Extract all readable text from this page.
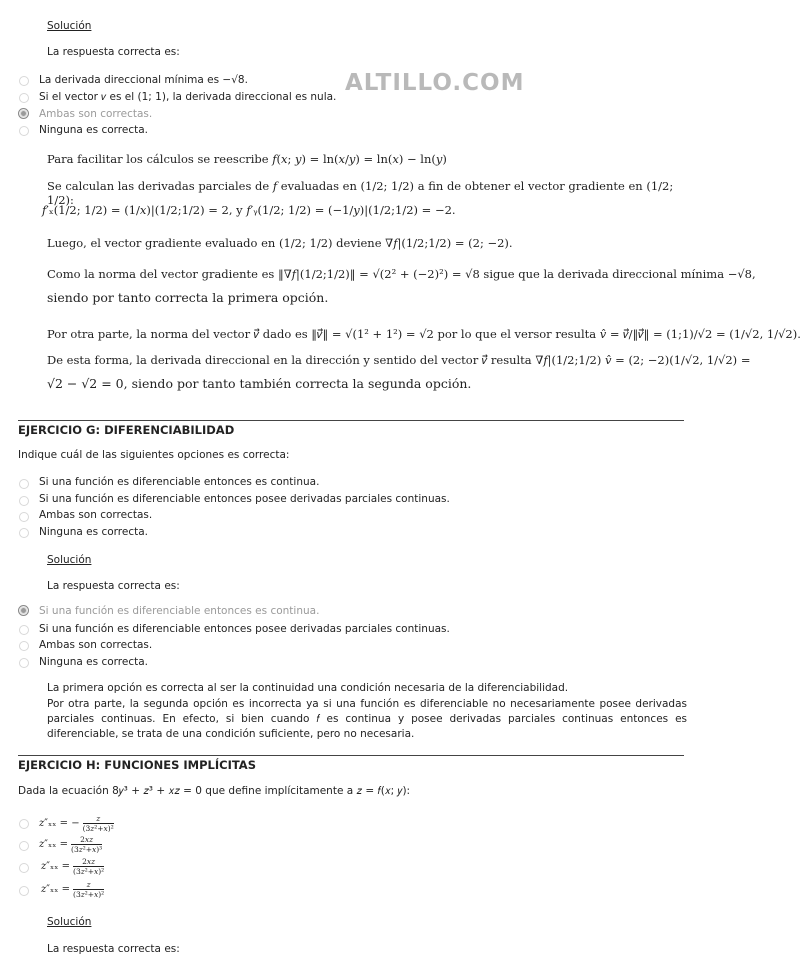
ALTILLO.COM
Solución
La respuesta correcta es:
La derivada direccional mínima es −√8.
Si el vector 𝑣 es el (1; 1), la derivada direccional es nula.
Ambas son correctas.
Ninguna es correcta.
Para facilitar los cálculos se reescribe 𝑓(𝑥; 𝑦) = ln(𝑥/𝑦) = ln(𝑥) − ln(𝑦)
Se calculan las derivadas parciales de 𝑓 evaluadas en (1/2; 1/2) a fin de obtener el vector gradiente en (1/2; 1/2):
𝑓′ₓ(1/2; 1/2) = (1/𝑥)|(1/2;1/2) = 2, y 𝑓′ᵧ(1/2; 1/2) = (−1/𝑦)|(1/2;1/2) = −2.
Luego, el vector gradiente evaluado en (1/2; 1/2) deviene ∇𝑓|(1/2;1/2) = (2; −2).
Como la norma del vector gradiente es ‖∇𝑓|(1/2;1/2)‖ = √(2² + (−2)²) = √8 sigue que la derivada direccional mínima −√8,
siendo por tanto correcta la primera opción.
Por otra parte, la norma del vector 𝑣⃗ dado es ‖𝑣⃗‖ = √(1² + 1²) = √2 por lo que el versor resulta 𝑣̂ = 𝑣⃗/‖𝑣⃗‖ = (1;1)/√2 = (1/√2, 1/√2).
De esta forma, la derivada direccional en la dirección y sentido del vector 𝑣⃗ resulta ∇𝑓|(1/2;1/2) 𝑣̂ = (2; −2)(1/√2, 1/√2) =
√2 − √2 = 0, siendo por tanto también correcta la segunda opción.
EJERCICIO G: DIFERENCIABILIDAD
Indique cuál de las siguientes opciones es correcta:
Si una función es diferenciable entonces es continua.
Si una función es diferenciable entonces posee derivadas parciales continuas.
Ambas son correctas.
Ninguna es correcta.
Solución
La respuesta correcta es:
Si una función es diferenciable entonces es continua.
Si una función es diferenciable entonces posee derivadas parciales continuas.
Ambas son correctas.
Ninguna es correcta.
La primera opción es correcta al ser la continuidad una condición necesaria de la diferenciabilidad.
Por otra parte, la segunda opción es incorrecta ya si una función es diferenciable no necesariamente posee derivadas parciales continuas. En efecto, si bien cuando 𝑓 es continua y posee derivadas parciales continuas entonces es diferenciable, se trata de una condición suficiente, pero no necesaria.
EJERCICIO H: FUNCIONES IMPLÍCITAS
Dada la ecuación 8𝑦³ + 𝑧³ + 𝑥𝑧 = 0 que define implícitamente a 𝑧 = 𝑓(𝑥; 𝑦):
𝑧″ₓₓ = − 𝑧
(3𝑧²+𝑥)²
𝑧″ₓₓ = 2𝑥𝑧
(3𝑧²+𝑥)³
𝑧″ₓₓ = 2𝑥𝑧
(3𝑧²+𝑥)²
𝑧″ₓₓ = 𝑧
(3𝑧²+𝑥)²
Solución
La respuesta correcta es:
